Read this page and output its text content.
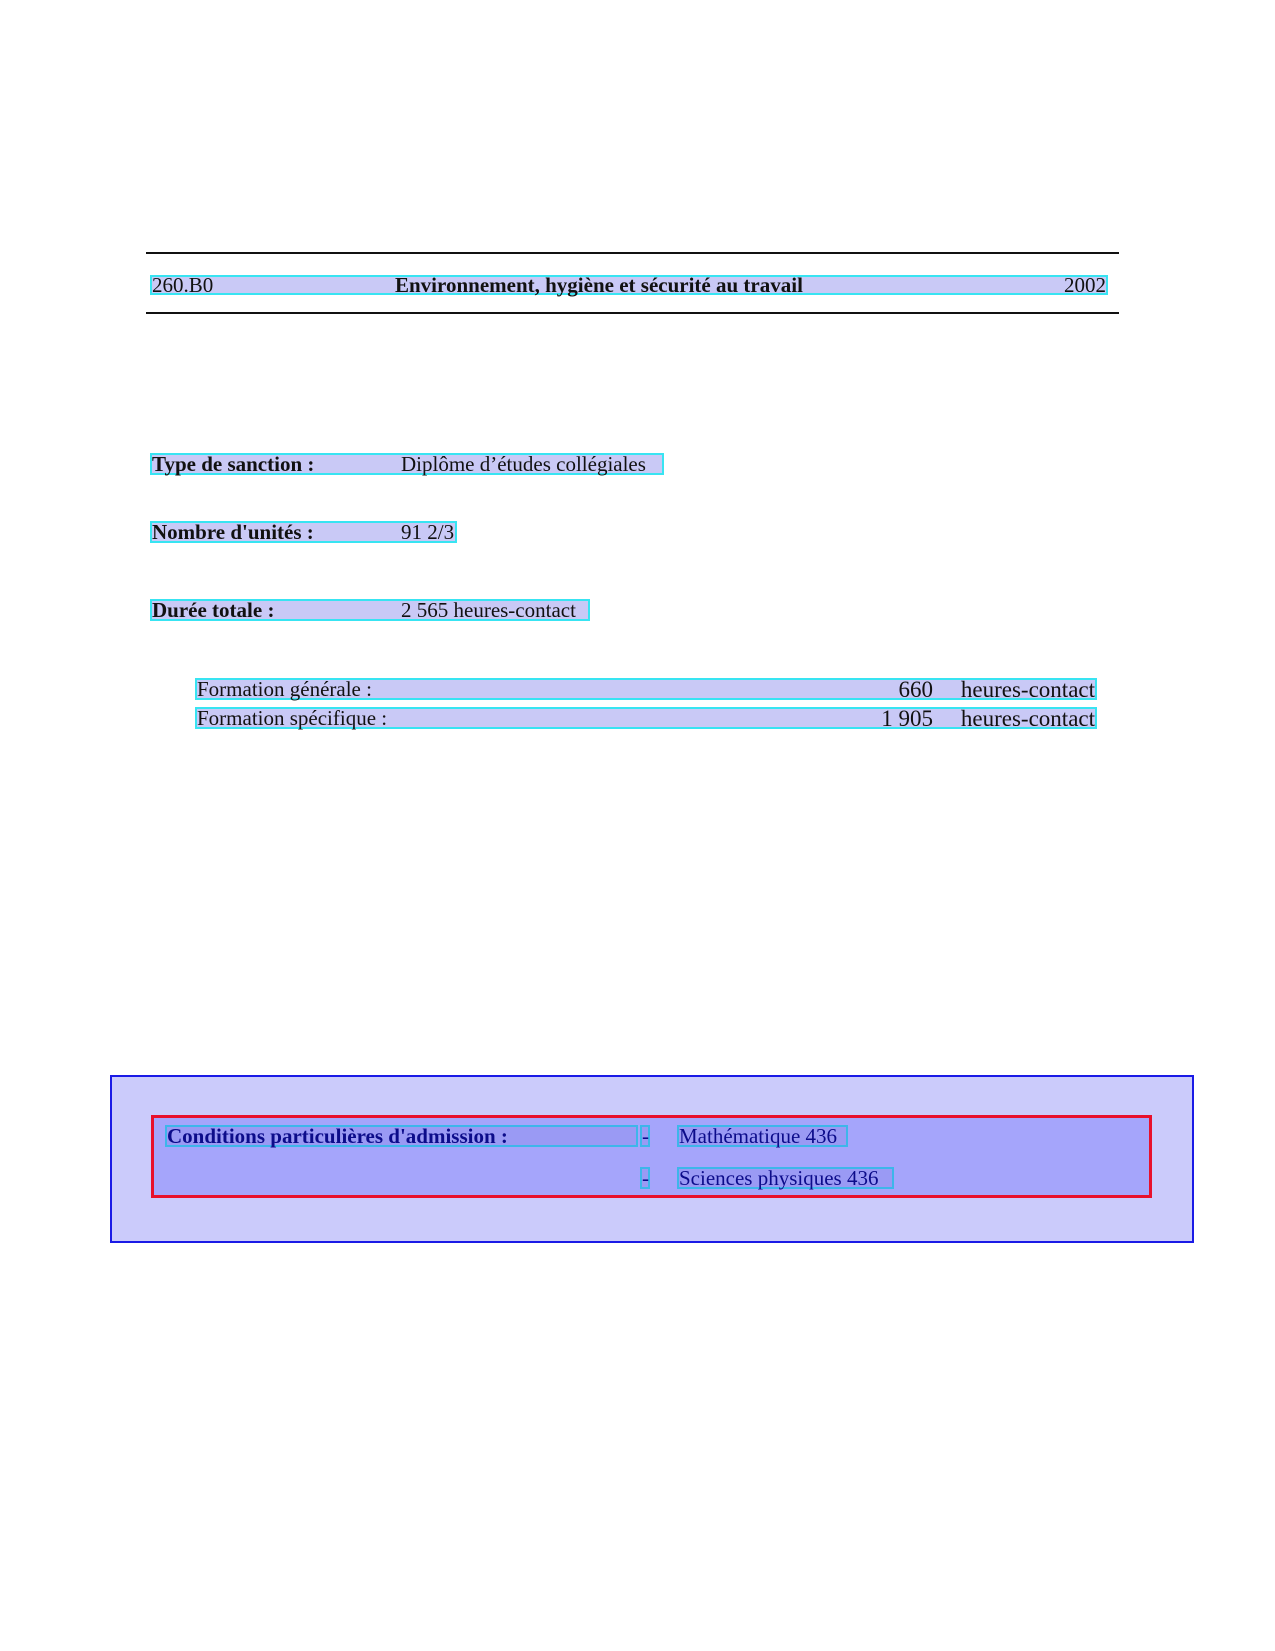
260.B0	Environnement, hygiène et sécurité au travail	2002
Type de sanction :	Diplôme d’études collégiales
Nombre d'unités :	91 2/3
Durée totale :	2 565 heures-contact
Formation générale :	660 heures-contact
Formation spécifique :	1 905 heures-contact
Conditions particulières d'admission :	- Mathématique 436
- Sciences physiques 436
